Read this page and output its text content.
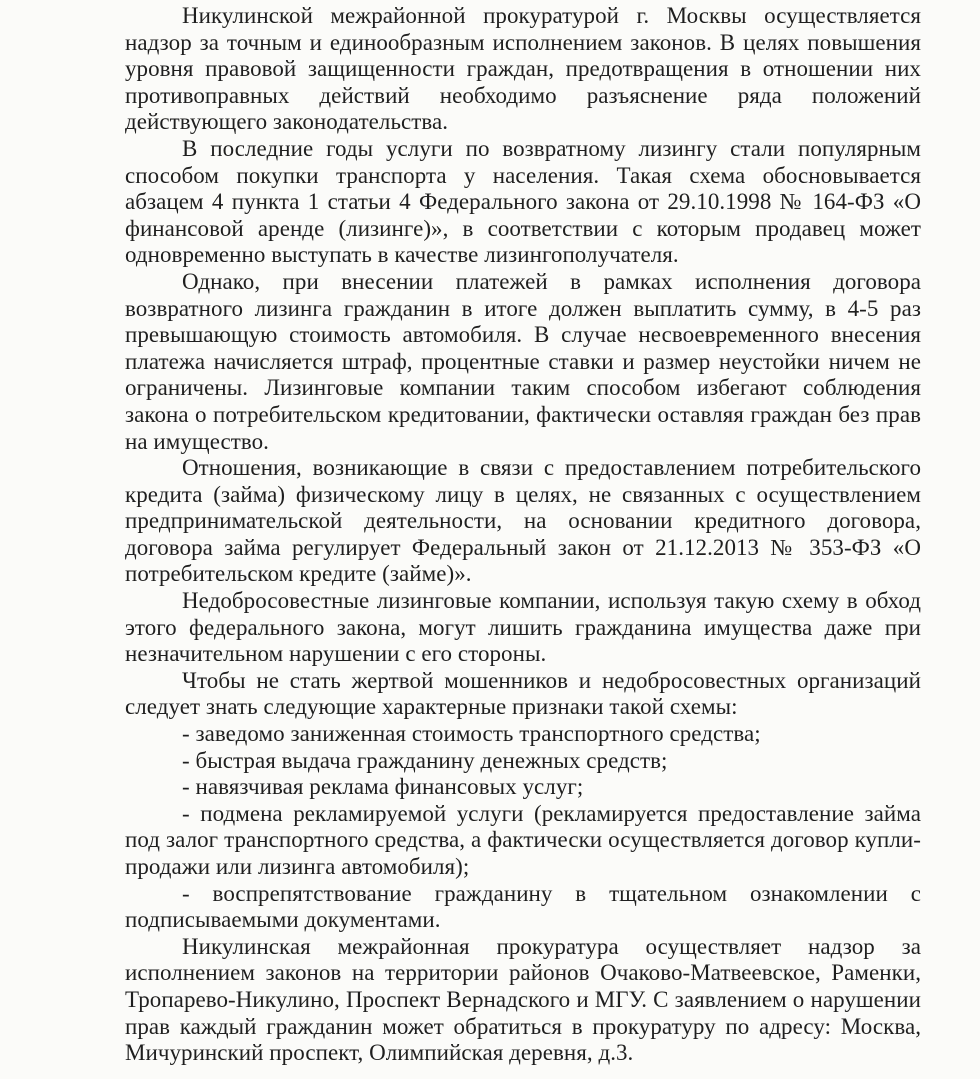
Никулинской межрайонной прокуратурой г. Москвы осуществляется надзор за точным и единообразным исполнением законов. В целях повышения уровня правовой защищенности граждан, предотвращения в отношении них противоправных действий необходимо разъяснение ряда положений действующего законодательства.

В последние годы услуги по возвратному лизингу стали популярным способом покупки транспорта у населения. Такая схема обосновывается абзацем 4 пункта 1 статьи 4 Федерального закона от 29.10.1998 № 164-ФЗ «О финансовой аренде (лизинге)», в соответствии с которым продавец может одновременно выступать в качестве лизингополучателя.

Однако, при внесении платежей в рамках исполнения договора возвратного лизинга гражданин в итоге должен выплатить сумму, в 4-5 раз превышающую стоимость автомобиля. В случае несвоевременного внесения платежа начисляется штраф, процентные ставки и размер неустойки ничем не ограничены. Лизинговые компании таким способом избегают соблюдения закона о потребительском кредитовании, фактически оставляя граждан без прав на имущество.

Отношения, возникающие в связи с предоставлением потребительского кредита (займа) физическому лицу в целях, не связанных с осуществлением предпринимательской деятельности, на основании кредитного договора, договора займа регулирует Федеральный закон от 21.12.2013 № 353-ФЗ «О потребительском кредите (займе)».

Недобросовестные лизинговые компании, используя такую схему в обход этого федерального закона, могут лишить гражданина имущества даже при незначительном нарушении с его стороны.

Чтобы не стать жертвой мошенников и недобросовестных организаций следует знать следующие характерные признаки такой схемы:

- заведомо заниженная стоимость транспортного средства;

- быстрая выдача гражданину денежных средств;

- навязчивая реклама финансовых услуг;

- подмена рекламируемой услуги (рекламируется предоставление займа под залог транспортного средства, а фактически осуществляется договор купли-продажи или лизинга автомобиля);

- воспрепятствование гражданину в тщательном ознакомлении с подписываемыми документами.

Никулинская межрайонная прокуратура осуществляет надзор за исполнением законов на территории районов Очаково-Матвеевское, Раменки, Тропарево-Никулино, Проспект Вернадского и МГУ. С заявлением о нарушении прав каждый гражданин может обратиться в прокуратуру по адресу: Москва, Мичуринский проспект, Олимпийская деревня, д.3.
